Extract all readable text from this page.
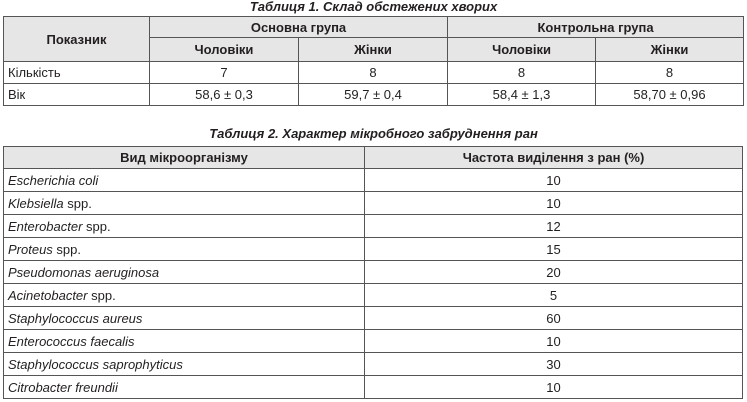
Таблиця 1. Склад обстежених хворих
Показник	Основна група		Контрольна група	
	Чоловіки	Жінки	Чоловіки	Жінки
Кількість	7	8	8	8
Вік	58,6 ± 0,3	59,7 ± 0,4	58,4 ± 1,3	58,70 ± 0,96
Таблиця 2. Характер мікробного забруднення ран
Вид мікроорганізму	Частота виділення з ран (%)
Escherichia coli	10
Klebsiella spp.	10
Enterobacter spp.	12
Proteus spp.	15
Pseudomonas aeruginosa	20
Acinetobacter spp.	5
Staphylococcus aureus	60
Enterococcus faecalis	10
Staphylococcus saprophyticus	30
Citrobacter freundii	10
